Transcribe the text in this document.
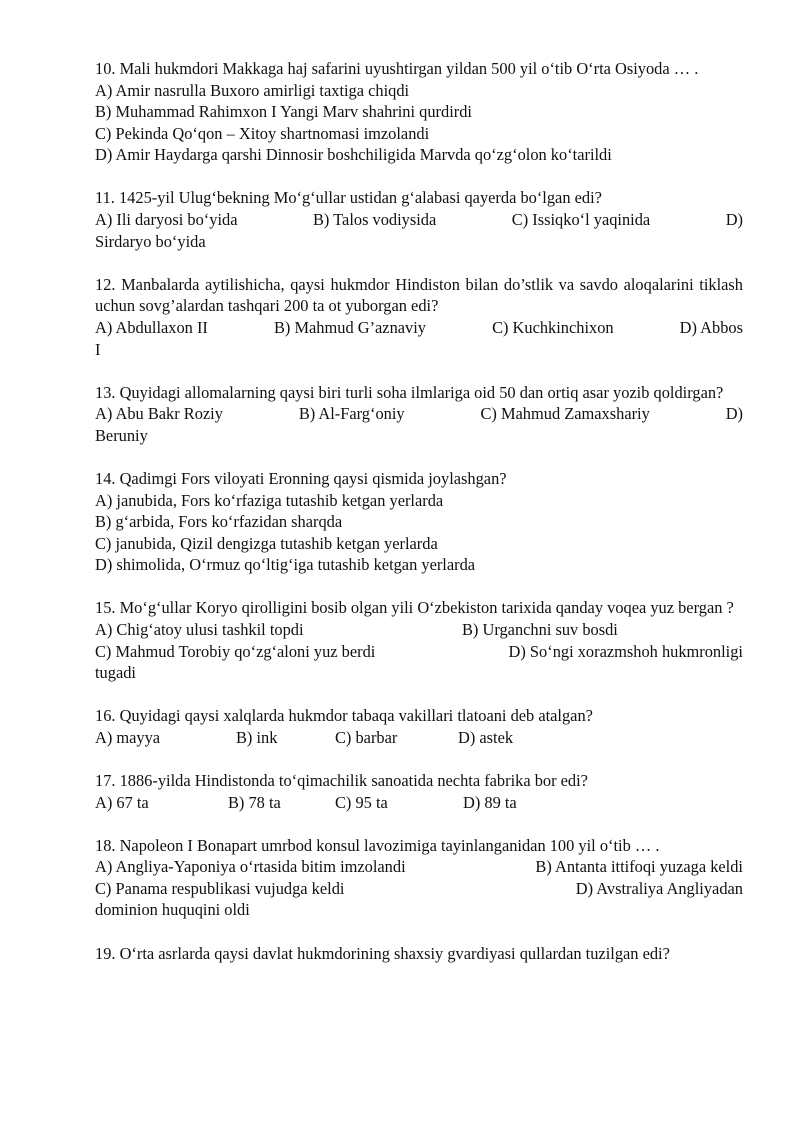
10. Mali hukmdori Makkaga haj safarini uyushtirgan yildan 500 yil o‘tib O‘rta Osiyoda … .
A) Amir nasrulla Buxoro amirligi taxtiga chiqdi
B) Muhammad Rahimxon I Yangi Marv shahrini qurdirdi
C) Pekinda Qo‘qon – Xitoy shartnomasi imzolandi
D) Amir Haydarga qarshi Dinnosir boshchiligida Marvda qo‘zg‘olon ko‘tarildi
11. 1425-yil Ulug‘bekning Mo‘g‘ullar ustidan g‘alabasi qayerda bo‘lgan edi?
A) Ili daryosi bo‘yida	B) Talos vodiysida	C) Issiqko‘l yaqinida	D)
Sirdaryo bo‘yida
12. Manbalarda aytilishicha, qaysi hukmdor Hindiston bilan do’stlik va savdo aloqalarini tiklash uchun sovg’alardan tashqari 200 ta ot yuborgan edi?
A) Abdullaxon II	B) Mahmud G’aznaviy	C) Kuchkinchixon	D) Abbos
I
13. Quyidagi allomalarning qaysi biri turli soha ilmlariga oid 50 dan ortiq asar yozib qoldirgan?
A) Abu Bakr Roziy	B) Al-Farg‘oniy	C) Mahmud Zamaxshariy	D)
Beruniy
14. Qadimgi Fors viloyati Eronning qaysi qismida joylashgan?
A) janubida, Fors ko‘rfaziga tutashib ketgan yerlarda
B) g‘arbida, Fors ko‘rfazidan sharqda
C) janubida, Qizil dengizga tutashib ketgan yerlarda
D) shimolida, O‘rmuz qo‘ltig‘iga tutashib ketgan yerlarda
15. Mo‘g‘ullar Koryo qirolligini bosib olgan yili O‘zbekiston tarixida qanday voqea yuz bergan ?
A) Chig‘atoy ulusi tashkil topdi	B) Urganchni suv bosdi
C) Mahmud Torobiy qo‘zg‘aloni yuz berdi	D) So‘ngi xorazmshoh hukmronligi
tugadi
16. Quyidagi qaysi xalqlarda hukmdor tabaqa vakillari tlatoani deb atalgan?
A) mayya	B) ink	C) barbar	D) astek
17. 1886-yilda Hindistonda to‘qimachilik sanoatida nechta fabrika bor edi?
A) 67 ta	B) 78 ta	C) 95 ta	D) 89 ta
18. Napoleon I Bonapart umrbod konsul lavozimiga tayinlanganidan 100 yil o‘tib … .
A) Angliya-Yaponiya o‘rtasida bitim imzolandi	B) Antanta ittifoqi yuzaga keldi
C) Panama respublikasi vujudga keldi	D) Avstraliya Angliyadan
dominion huquqini oldi
19. O‘rta asrlarda qaysi davlat hukmdorining shaxsiy gvardiyasi qullardan tuzilgan edi?
